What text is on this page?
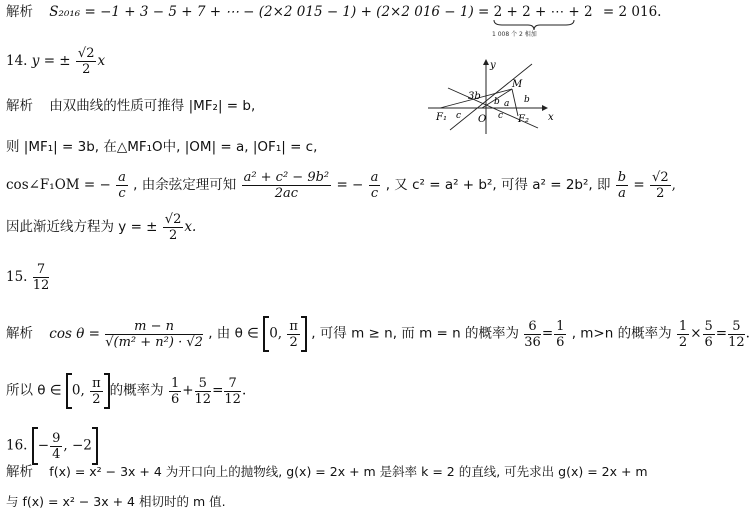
解析 S₂₀₁₆ = −1 + 3 − 5 + 7 + ⋯ − (2×2 015 − 1) + (2×2 016 − 1) = 2 + 2 + ⋯ + 2 = 2 016.
1 008 个 2 相加
14. y = ± $\frac{√2}{2}$ x	y
x
M
b
3b
a
b
F₁ c O c F₂
解析 由双曲线的性质可推得 |MF₂| = b,
则 |MF₁| = 3b, 在△MF₁O中, |OM| = a, |OF₁| = c,
cos∠F₁OM = − $\frac{a}{c}$ , 由余弦定理可知 $\frac{\text{a² + c² − 9b²}}{2ac}$ = − $\frac{a}{c}$ , 又 c² = a² + b², 可得 a² = 2b², 即 $\frac{b}{a} = \frac{√2}{2}$ ,
因此渐近线方程为 y = ± $\frac{√2}{2} x$.
15. $\frac{7}{12}$
解析 $\cos \theta = \frac{m - n}{\text{√(m² + n²) · √2}}$ , 由 θ ∈ 0, $\frac{\pi}{2}$ , 可得 m ≥ n, 而 m = n 的概率为 $\frac{6}{36} = \frac{1}{6}$ , m>n 的概率为 $\frac{1}{2} \times \frac{5}{6} = \frac{5}{12}$ .
所以 θ ∈ 0, $\frac{\pi}{2}$ 的概率为 $\frac{1}{6} + \frac{5}{12} = \frac{7}{12}$ .
16. − $\frac{9}{4}$ , −2
解析 f(x) = x² − 3x + 4 为开口向上的抛物线, g(x) = 2x + m 是斜率 k = 2 的直线, 可先求出 g(x) = 2x + m
与 f(x) = x² − 3x + 4 相切时的 m 值.
